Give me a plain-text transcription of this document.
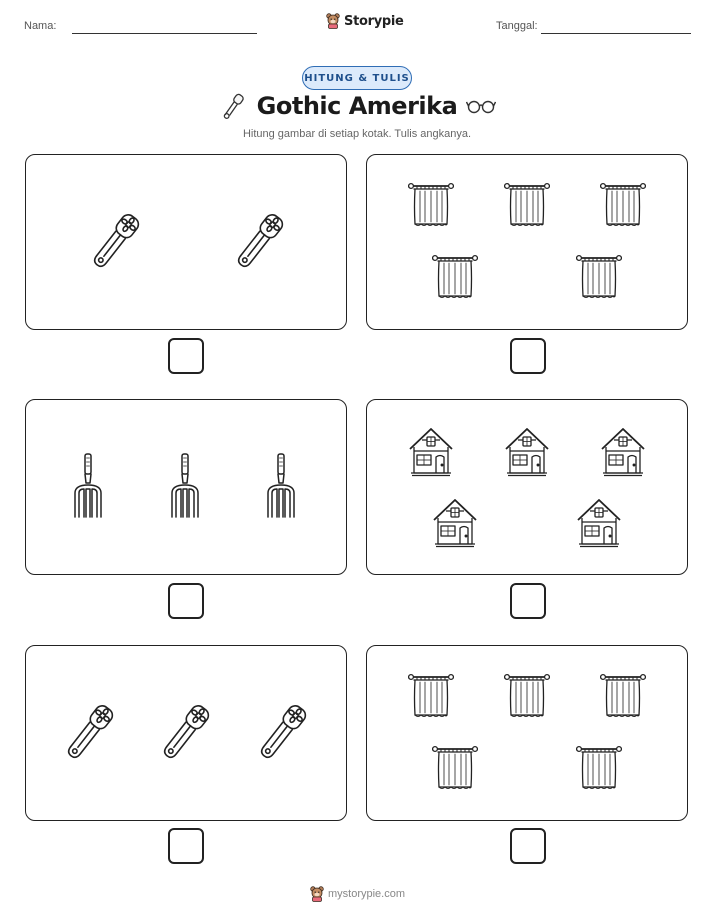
Nama:	Storypie	Tanggal:
HITUNG & TULIS
Gothic Amerika
Hitung gambar di setiap kotak. Tulis angkanya.
mystorypie.com
